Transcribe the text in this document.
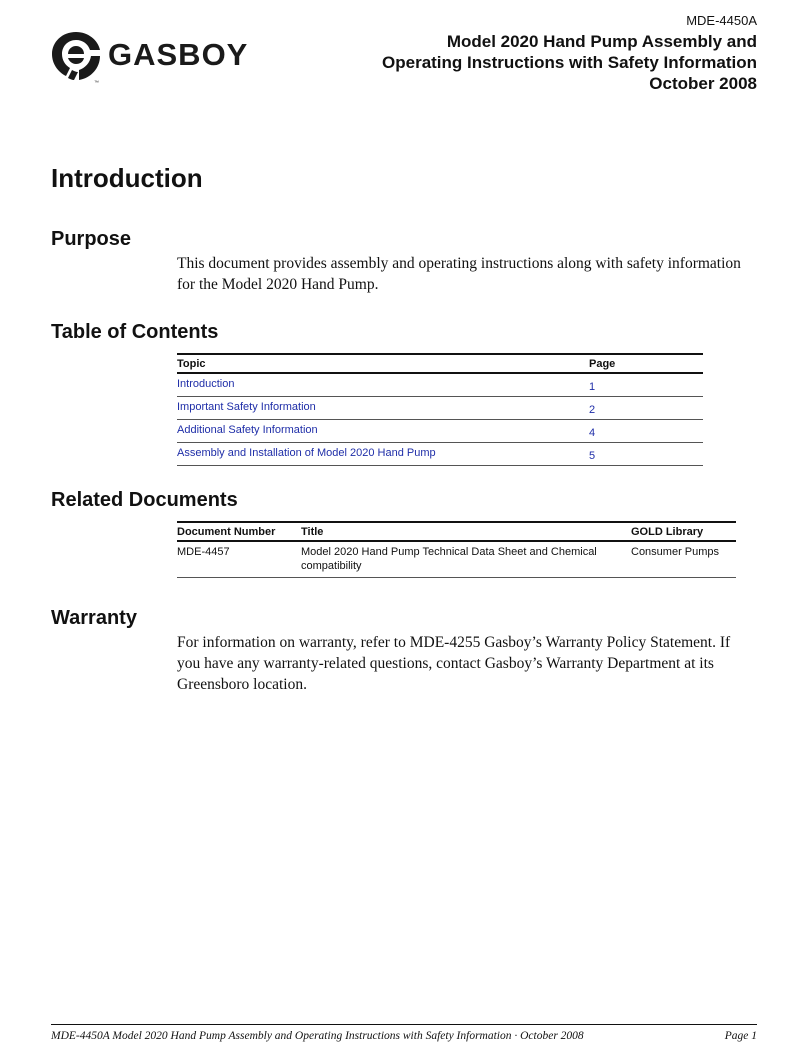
GASBOY
™
MDE-4450A
Model 2020 Hand Pump Assembly and
Operating Instructions with Safety Information
October 2008
Introduction
Purpose
This document provides assembly and operating instructions along with safety information for the Model 2020 Hand Pump.
Table of Contents
Topic	Page
Introduction	1
Important Safety Information	2
Additional Safety Information	4
Assembly and Installation of Model 2020 Hand Pump	5
Related Documents
Document Number	Title	GOLD Library
MDE-4457	Model 2020 Hand Pump Technical Data Sheet and Chemical compatibility	Consumer Pumps
Warranty
For information on warranty, refer to MDE-4255 Gasboy’s Warranty Policy Statement. If you have any warranty-related questions, contact Gasboy’s Warranty Department at its Greensboro location.
MDE-4450A Model 2020 Hand Pump Assembly and Operating Instructions with Safety Information · October 2008	Page 1
